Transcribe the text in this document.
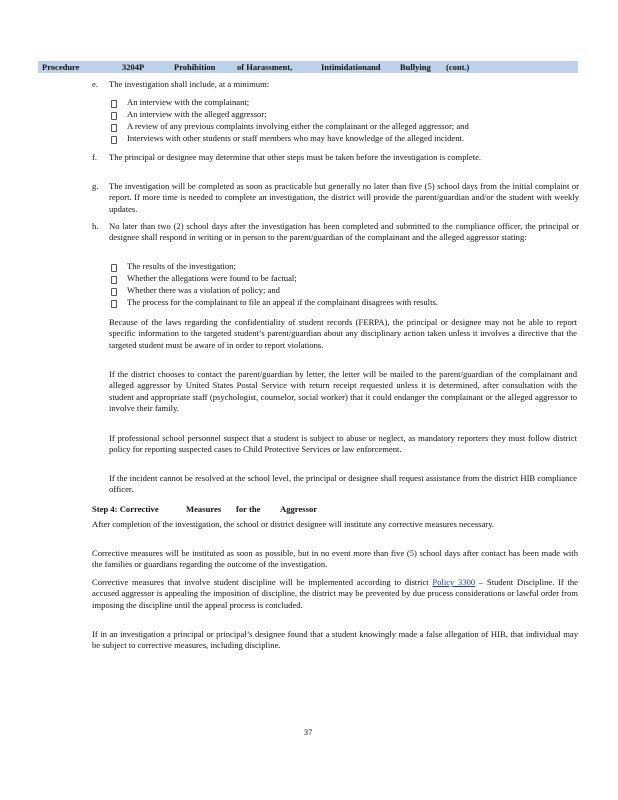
Procedure	3204P	Prohibition	of Harassment,	Intimidationand Bullying (cont.)
e. The investigation shall include, at a minimum:
An interview with the complainant;
An interview with the alleged aggressor;
A review of any previous complaints involving either the complainant or the alleged aggressor; and
Interviews with other students or staff members who may have knowledge of the alleged incident.
f. The principal or designee may determine that other steps must be taken before the investigation is complete.
g. The investigation will be completed as soon as practicable but generally no later than five (5) school days from the initial complaint or report. If more time is needed to complete an investigation, the district will provide the parent/guardian and/or the student with weekly updates.
h. No later than two (2) school days after the investigation has been completed and submitted to the compliance officer, the principal or designee shall respond in writing or in person to the parent/guardian of the complainant and the alleged aggressor stating:
The results of the investigation;
Whether the allegations were found to be factual;
Whether there was a violation of policy; and
The process for the complainant to file an appeal if the complainant disagrees with results.
Because of the laws regarding the confidentiality of student records (FERPA), the principal or designee may not be able to report specific information to the targeted student’s parent/guardian about any disciplinary action taken unless it involves a directive that the targeted student must be aware of in order to report violations.
If the district chooses to contact the parent/guardian by letter, the letter will be mailed to the parent/guardian of the complainant and alleged aggressor by United States Postal Service with return receipt requested unless it is determined, after consultation with the student and appropriate staff (psychologist, counselor, social worker) that it could endanger the complainant or the alleged aggressor to involve their family.
If professional school personnel suspect that a student is subject to abuse or neglect, as mandatory reporters they must follow district policy for reporting suspected cases to Child Protective Services or law enforcement.
If the incident cannot be resolved at the school level, the principal or designee shall request assistance from the district HIB compliance officer.
Step 4: Corrective	Measures for the Aggressor
After completion of the investigation, the school or district designee will institute any corrective measures necessary.
Corrective measures will be instituted as soon as possible, but in no event more than five (5) school days after contact has been made with the families or guardians regarding the outcome of the investigation.
Corrective measures that involve student discipline will be implemented according to district Policy 3300 – Student Discipline. If the accused aggressor is appealing the imposition of discipline, the district may be prevented by due process considerations or lawful order from imposing the discipline until the appeal process is concluded.
If in an investigation a principal or principal’s designee found that a student knowingly made a false allegation of HIB, that individual may be subject to corrective measures, including discipline.
37
